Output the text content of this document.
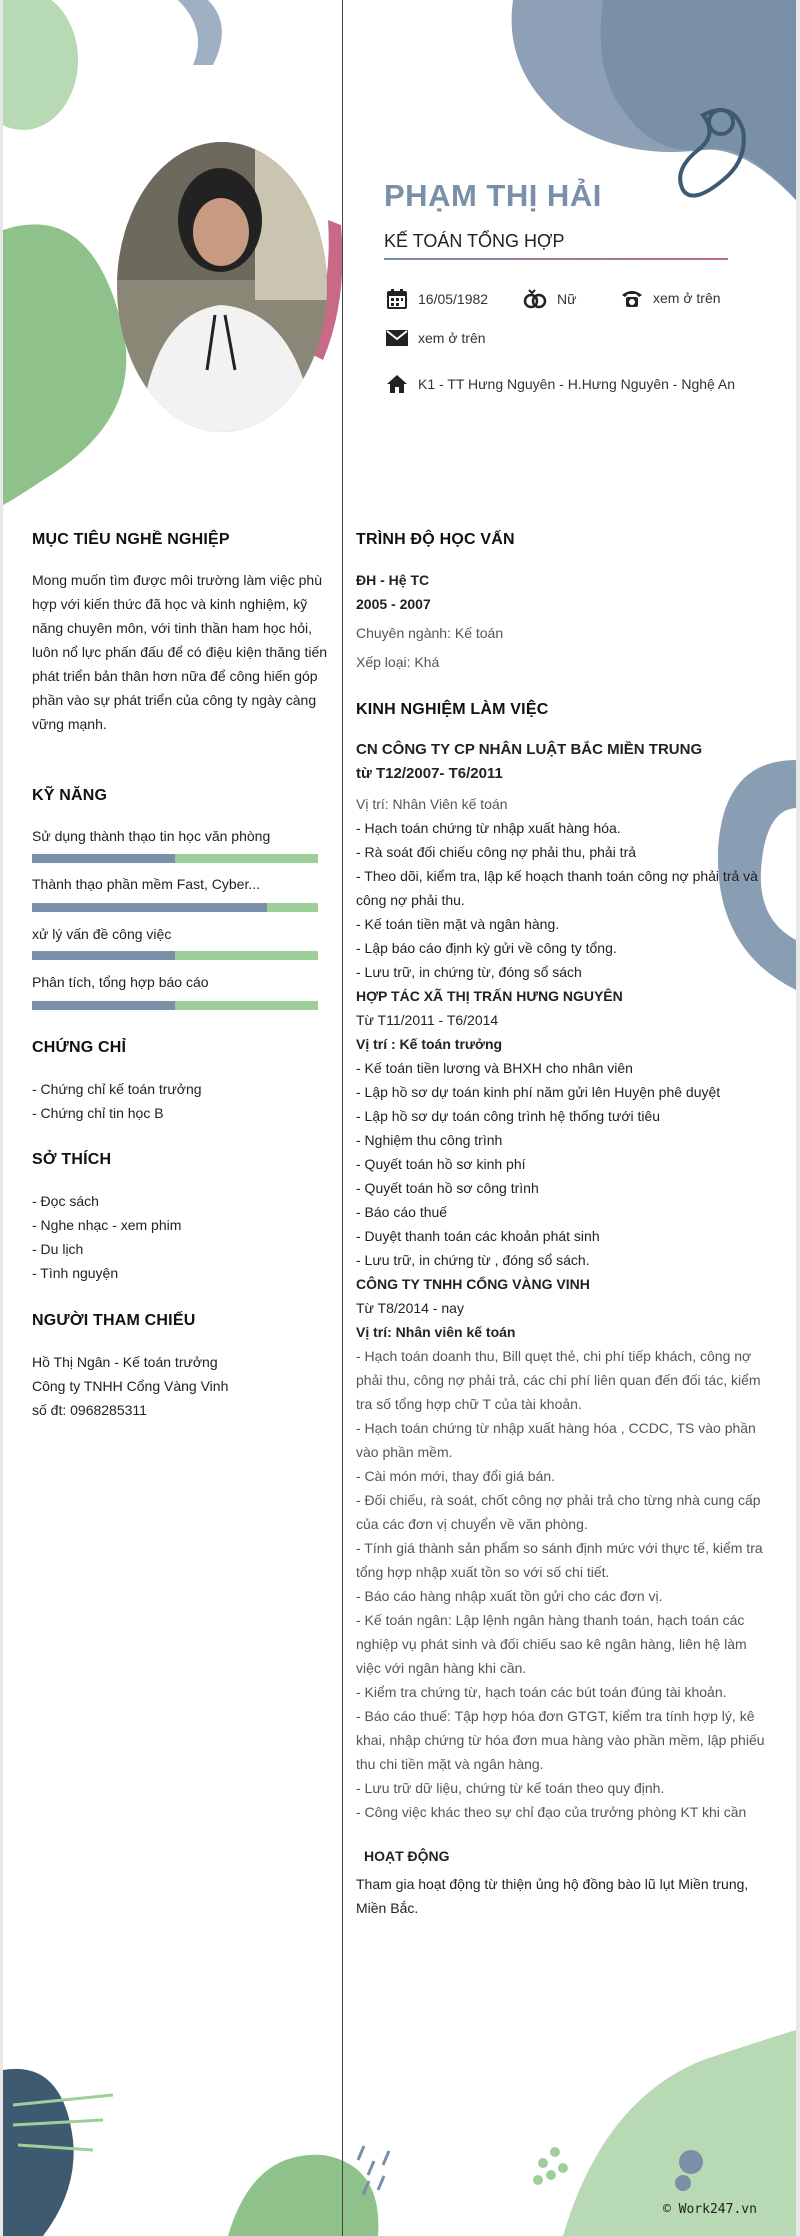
PHẠM THỊ HẢI
KẾ TOÁN TỔNG HỢP
16/05/1982	Nữ	xem ở trên
xem ở trên
K1 - TT Hưng Nguyên - H.Hưng Nguyên - Nghệ An
MỤC TIÊU NGHỀ NGHIỆP
Mong muốn tìm được môi trường làm việc phù hợp với kiến thức đã học và kinh nghiệm, kỹ năng chuyên môn, với tinh thần ham học hỏi, luôn nổ lực phấn đấu để có điệu kiện thăng tiến phát triển bản thân hơn nữa để công hiến góp phần vào sự phát triển của công ty ngày càng vững mạnh.
KỸ NĂNG
Sử dụng thành thạo tin học văn phòng
Thành thạo phần mềm Fast, Cyber...
xử lý vấn đề công việc
Phân tích, tổng hợp báo cáo
CHỨNG CHỈ

- Chứng chỉ kế toán trưởng

- Chứng chỉ tin học B

SỞ THÍCH

- Đọc sách

- Nghe nhạc - xem phim

- Du lịch

- Tình nguyện

NGƯỜI THAM CHIẾU

Hồ Thị Ngân - Kế toán trưởng

Công ty TNHH Cổng Vàng Vinh

số đt: 0968285311

TRÌNH ĐỘ HỌC VẤN
ĐH - Hệ TC
2005 - 2007
Chuyên ngành: Kế toán
Xếp loại: Khá
KINH NGHIỆM LÀM VIỆC
CN CÔNG TY CP NHÂN LUẬT BẮC MIỀN TRUNG
từ T12/2007- T6/2011
Vị trí: Nhân Viên kế toán
- Hạch toán chứng từ nhập xuất hàng hóa.
- Rà soát đối chiếu công nợ phải thu, phải trả
- Theo dõi, kiểm tra, lập kế hoạch thanh toán công nợ phải trả và công nợ phải thu.
- Kế toán tiền mặt và ngân hàng.
- Lập báo cáo định kỳ gửi về công ty tổng.
- Lưu trữ, in chứng từ, đóng sổ sách
HỢP TÁC XÃ THỊ TRẤN HƯNG NGUYÊN
Từ T11/2011 - T6/2014
Vị trí : Kế toán trưởng
- Kế toán tiền lương và BHXH cho nhân viên
- Lập hồ sơ dự toán kinh phí năm gửi lên Huyện phê duyệt
- Lập hồ sơ dự toán công trình hệ thống tưới tiêu
- Nghiệm thu công trình
- Quyết toán hồ sơ kinh phí
- Quyết toán hồ sơ công trình
- Báo cáo thuế
- Duyệt thanh toán các khoản phát sinh
- Lưu trữ, in chứng từ , đóng sổ sách.
CÔNG TY TNHH CỔNG VÀNG VINH
Từ T8/2014 - nay
Vị trí: Nhân viên kế toán
- Hạch toán doanh thu, Bill quẹt thẻ, chi phí tiếp khách, công nợ phải thu, công nợ phải trả, các chi phí liên quan đến đối tác, kiểm tra số tổng hợp chữ T của tài khoản.
- Hạch toán chứng từ nhập xuất hàng hóa , CCDC, TS vào phần vào phần mềm.
- Cài món mới, thay đổi giá bán.
- Đối chiếu, rà soát, chốt công nợ phải trả cho từng nhà cung cấp của các đơn vị chuyển về văn phòng.
- Tính giá thành sản phẩm so sánh định mức với thực tế, kiểm tra tổng hợp nhập xuất tồn so với số chi tiết.
- Báo cáo hàng nhập xuất tồn gửi cho các đơn vị.
- Kế toán ngân: Lập lệnh ngân hàng thanh toán, hạch toán các nghiệp vụ phát sinh và đối chiếu sao kê ngân hàng, liên hệ làm việc với ngân hàng khi cần.
- Kiểm tra chứng từ, hạch toán các bút toán đúng tài khoản.
- Báo cáo thuế: Tập hợp hóa đơn GTGT, kiểm tra tính hợp lý, kê khai, nhập chứng từ hóa đơn mua hàng vào phần mềm, lập phiếu thu chi tiền mặt và ngân hàng.
- Lưu trữ dữ liệu, chứng từ kế toán theo quy định.
- Công việc khác theo sự chỉ đạo của trưởng phòng KT khi cần
HOẠT ĐỘNG
Tham gia hoạt động từ thiện ủng hộ đồng bào lũ lụt Miền trung, Miền Bắc.
© Work247.vn
